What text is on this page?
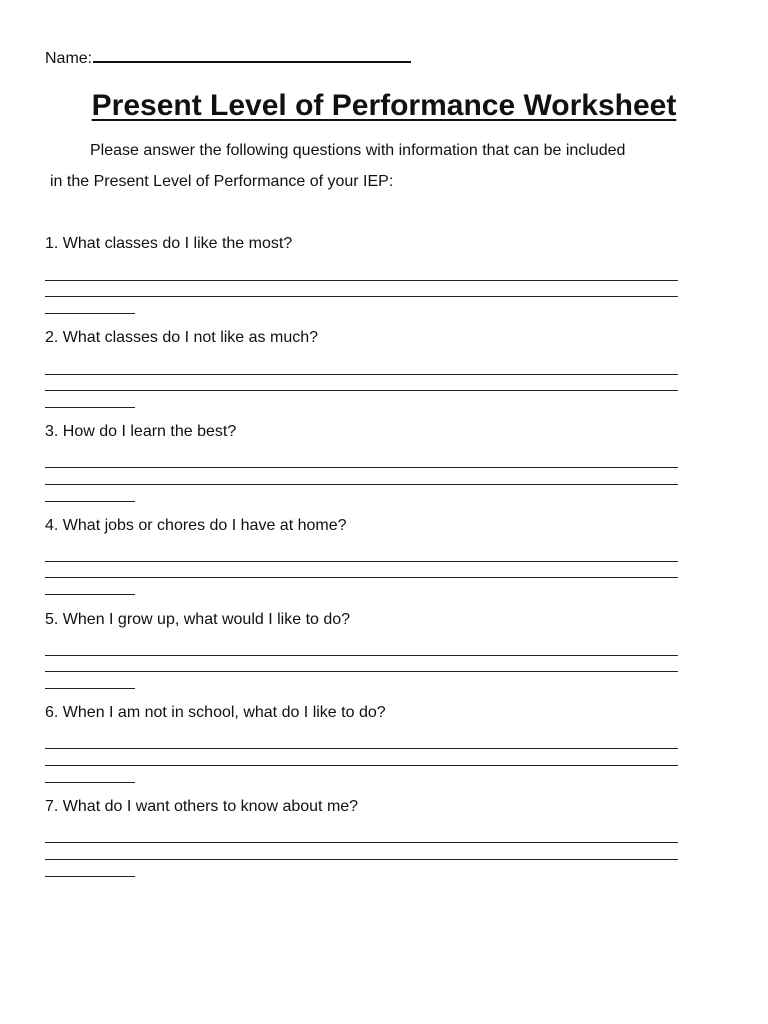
Name:
Present Level of Performance Worksheet
Please answer the following questions with information that can be included
in the Present Level of Performance of your IEP:
1. What classes do I like the most?
2. What classes do I not like as much?
3. How do I learn the best?
4. What jobs or chores do I have at home?
5. When I grow up, what would I like to do?
6. When I am not in school, what do I like to do?
7. What do I want others to know about me?
